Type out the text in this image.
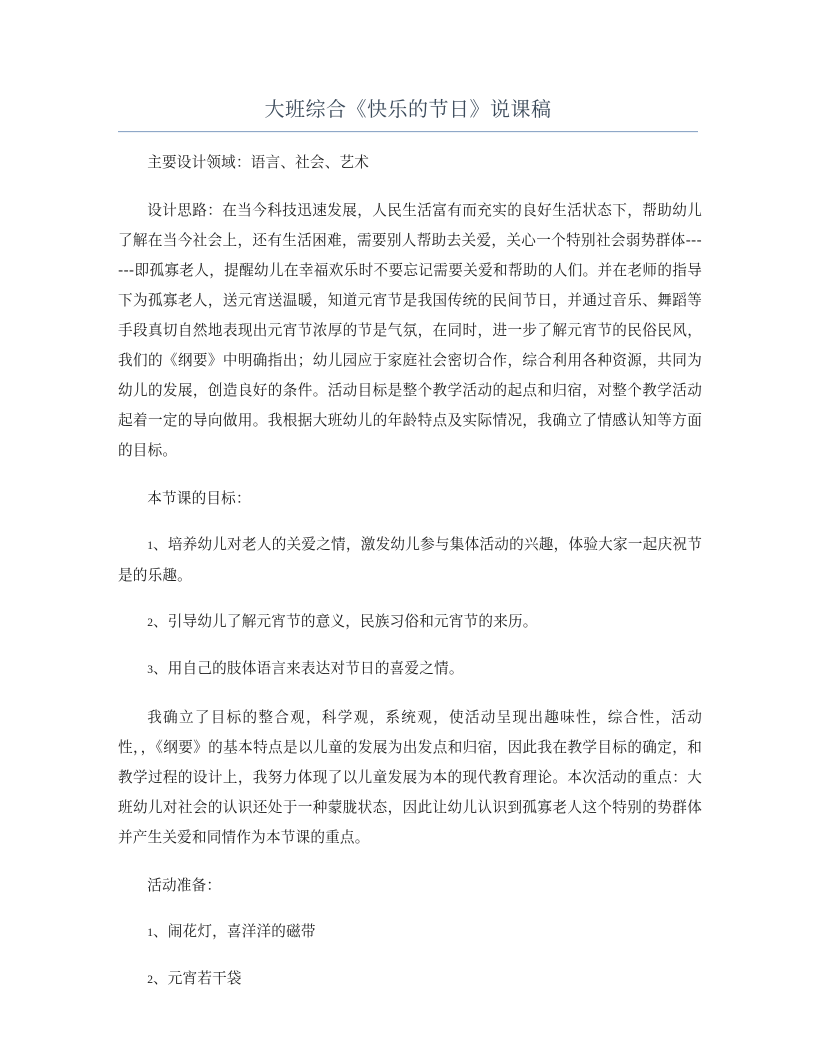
大班综合《快乐的节日》说课稿

主要设计领域：语言、社会、艺术

设计思路：在当今科技迅速发展，人民生活富有而充实的良好生活状态下，帮助幼儿了解在当今社会上，还有生活困难，需要别人帮助去关爱，关心一个特别社会弱势群体------即孤寡老人，提醒幼儿在幸福欢乐时不要忘记需要关爱和帮助的人们。并在老师的指导下为孤寡老人，送元宵送温暖，知道元宵节是我国传统的民间节日，并通过音乐、舞蹈等手段真切自然地表现出元宵节浓厚的节是气氛，在同时，进一步了解元宵节的民俗民风，我们的《纲要》中明确指出；幼儿园应于家庭社会密切合作，综合利用各种资源，共同为幼儿的发展，创造良好的条件。活动目标是整个教学活动的起点和归宿，对整个教学活动起着一定的导向做用。我根据大班幼儿的年龄特点及实际情况，我确立了情感认知等方面的目标。

本节课的目标：

1、培养幼儿对老人的关爱之情，激发幼儿参与集体活动的兴趣，体验大家一起庆祝节是的乐趣。

2、引导幼儿了解元宵节的意义，民族习俗和元宵节的来历。

3、用自己的肢体语言来表达对节日的喜爱之情。

我确立了目标的整合观，科学观，系统观，使活动呈现出趣味性，综合性，活动性，，《纲要》的基本特点是以儿童的发展为出发点和归宿，因此我在教学目标的确定，和教学过程的设计上，我努力体现了以儿童发展为本的现代教育理论。本次活动的重点：大班幼儿对社会的认识还处于一种蒙胧状态，因此让幼儿认识到孤寡老人这个特别的势群体并产生关爱和同情作为本节课的重点。

活动准备：

1、闹花灯，喜洋洋的磁带

2、元宵若干袋
